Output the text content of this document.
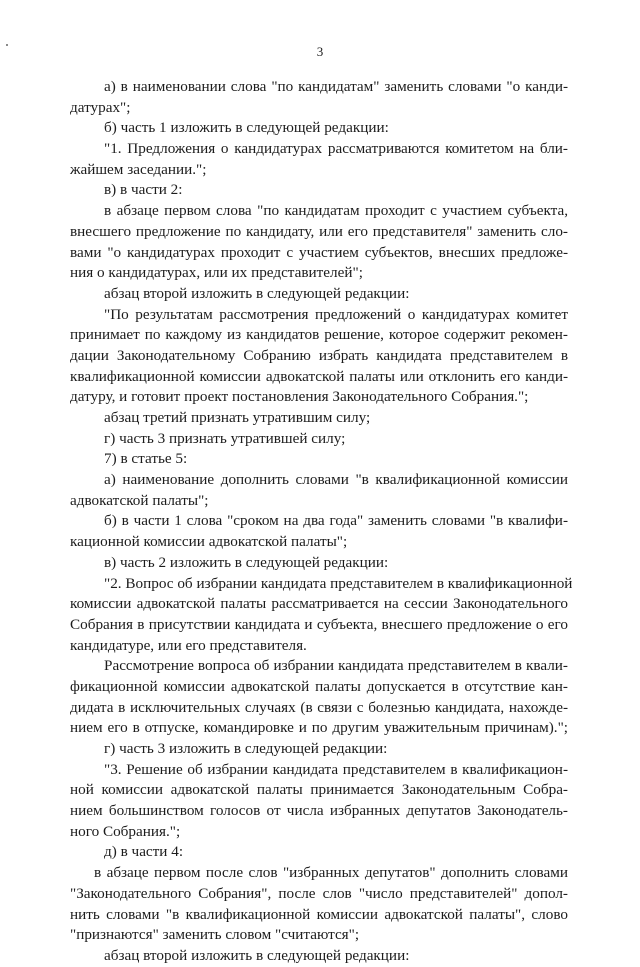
3
а) в наименовании слова "по кандидатам" заменить словами "о канди-
датурах";
б) часть 1 изложить в следующей редакции:
"1. Предложения о кандидатурах рассматриваются комитетом на бли-
жайшем заседании.";
в) в части 2:
в абзаце первом слова "по кандидатам проходит с участием субъекта,
внесшего предложение по кандидату, или его представителя" заменить сло-
вами "о кандидатурах проходит с участием субъектов, внесших предложе-
ния о кандидатурах, или их представителей";
абзац второй изложить в следующей редакции:
"По результатам рассмотрения предложений о кандидатурах комитет
принимает по каждому из кандидатов решение, которое содержит рекомен-
дации Законодательному Собранию избрать кандидата представителем в
квалификационной комиссии адвокатской палаты или отклонить его канди-
датуру, и готовит проект постановления Законодательного Собрания.";
абзац третий признать утратившим силу;
г) часть 3 признать утратившей силу;
7) в статье 5:
а) наименование дополнить словами "в квалификационной комиссии
адвокатской палаты";
б) в части 1 слова "сроком на два года" заменить словами "в квалифи-
кационной комиссии адвокатской палаты";
в) часть 2 изложить в следующей редакции:
"2. Вопрос об избрании кандидата представителем в квалификационной
комиссии адвокатской палаты рассматривается на сессии Законодательного
Собрания в присутствии кандидата и субъекта, внесшего предложение о его
кандидатуре, или его представителя.
Рассмотрение вопроса об избрании кандидата представителем в квали-
фикационной комиссии адвокатской палаты допускается в отсутствие кан-
дидата в исключительных случаях (в связи с болезнью кандидата, нахожде-
нием его в отпуске, командировке и по другим уважительным причинам).";
г) часть 3 изложить в следующей редакции:
"3. Решение об избрании кандидата представителем в квалификацион-
ной комиссии адвокатской палаты принимается Законодательным Собра-
нием большинством голосов от числа избранных депутатов Законодатель-
ного Собрания.";
д) в части 4:
в абзаце первом после слов "избранных депутатов" дополнить словами
"Законодательного Собрания", после слов "число представителей" допол-
нить словами "в квалификационной комиссии адвокатской палаты", слово
"признаются" заменить словом "считаются";
абзац второй изложить в следующей редакции:
